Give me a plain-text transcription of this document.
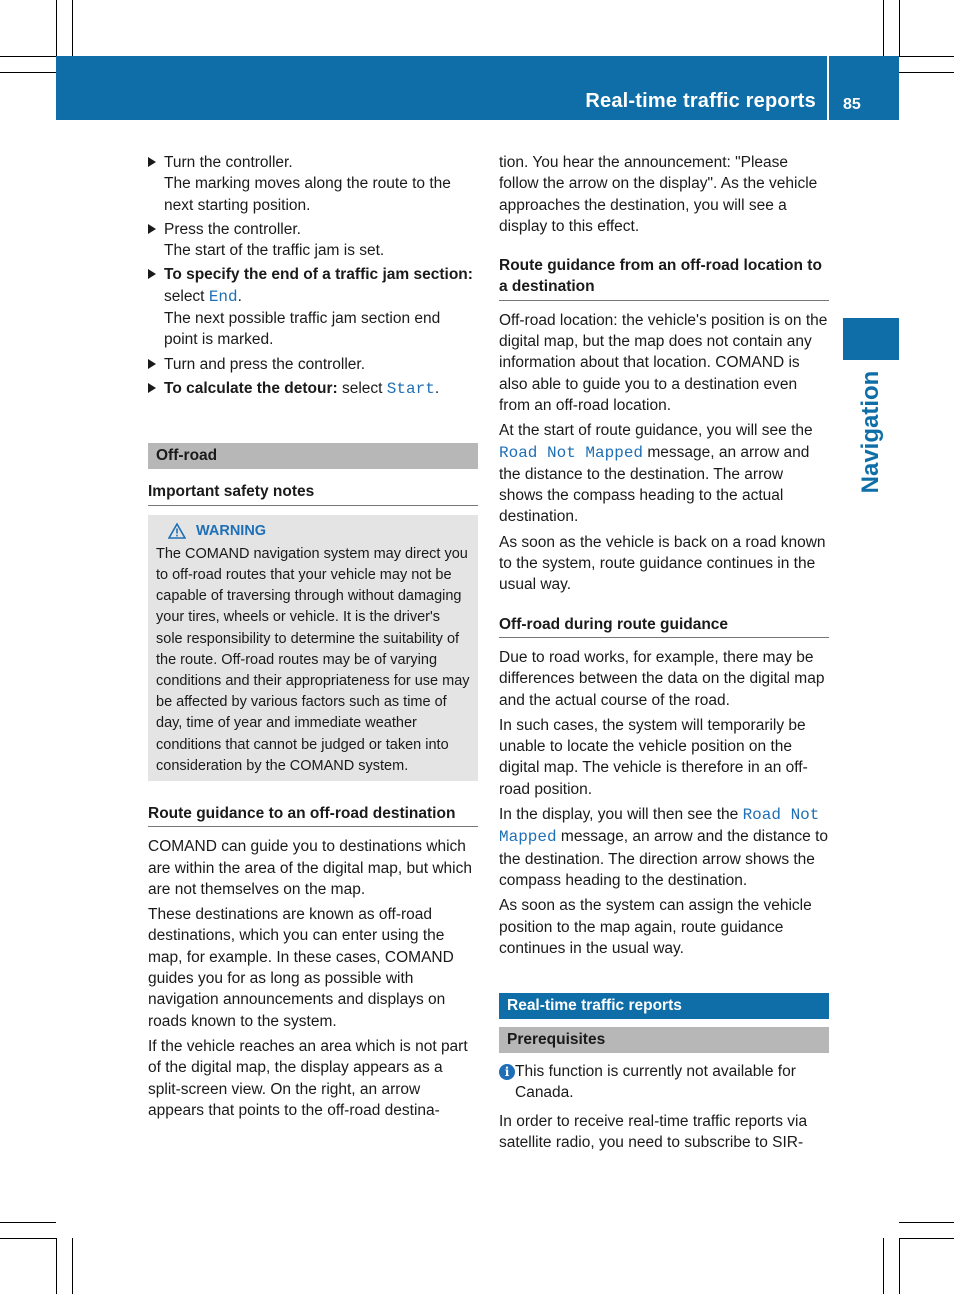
Real-time traffic reports 85
Navigation
Turn the controller.
The marking moves along the route to the next starting position.
Press the controller.
The start of the traffic jam is set.
To specify the end of a traffic jam section: select End.
The next possible traffic jam section end point is marked.
Turn and press the controller.
To calculate the detour: select Start.
Off-road
Important safety notes
WARNING
The COMAND navigation system may direct you to off-road routes that your vehicle may not be capable of traversing through without damaging your tires, wheels or vehicle. It is the driver's sole responsibility to determine the suitability of the route. Off-road routes may be of varying conditions and their appropriateness for use may be affected by various factors such as time of day, time of year and immediate weather conditions that cannot be judged or taken into consideration by the COMAND system.
Route guidance to an off-road destination

COMAND can guide you to destinations which are within the area of the digital map, but which are not themselves on the map.

These destinations are known as off-road destinations, which you can enter using the map, for example. In these cases, COMAND guides you for as long as possible with navigation announcements and displays on roads known to the system.

If the vehicle reaches an area which is not part of the digital map, the display appears as a split-screen view. On the right, an arrow appears that points to the off-road destina-

tion. You hear the announcement: "Please follow the arrow on the display". As the vehicle approaches the destination, you will see a display to this effect.

Route guidance from an off-road location to a destination

Off-road location: the vehicle's position is on the digital map, but the map does not contain any information about that location. COMAND is also able to guide you to a destination even from an off-road location.

At the start of route guidance, you will see the Road Not Mapped message, an arrow and the distance to the destination. The arrow shows the compass heading to the actual destination.

As soon as the vehicle is back on a road known to the system, route guidance continues in the usual way.

Off-road during route guidance

Due to road works, for example, there may be differences between the data on the digital map and the actual course of the road.

In such cases, the system will temporarily be unable to locate the vehicle position on the digital map. The vehicle is therefore in an off-road position.

In the display, you will then see the Road Not Mapped message, an arrow and the distance to the destination. The direction arrow shows the compass heading to the destination.

As soon as the system can assign the vehicle position to the map again, route guidance continues in the usual way.

Real-time traffic reports
Prerequisites

i This function is currently not available for Canada.

In order to receive real-time traffic reports via satellite radio, you need to subscribe to SIR-
